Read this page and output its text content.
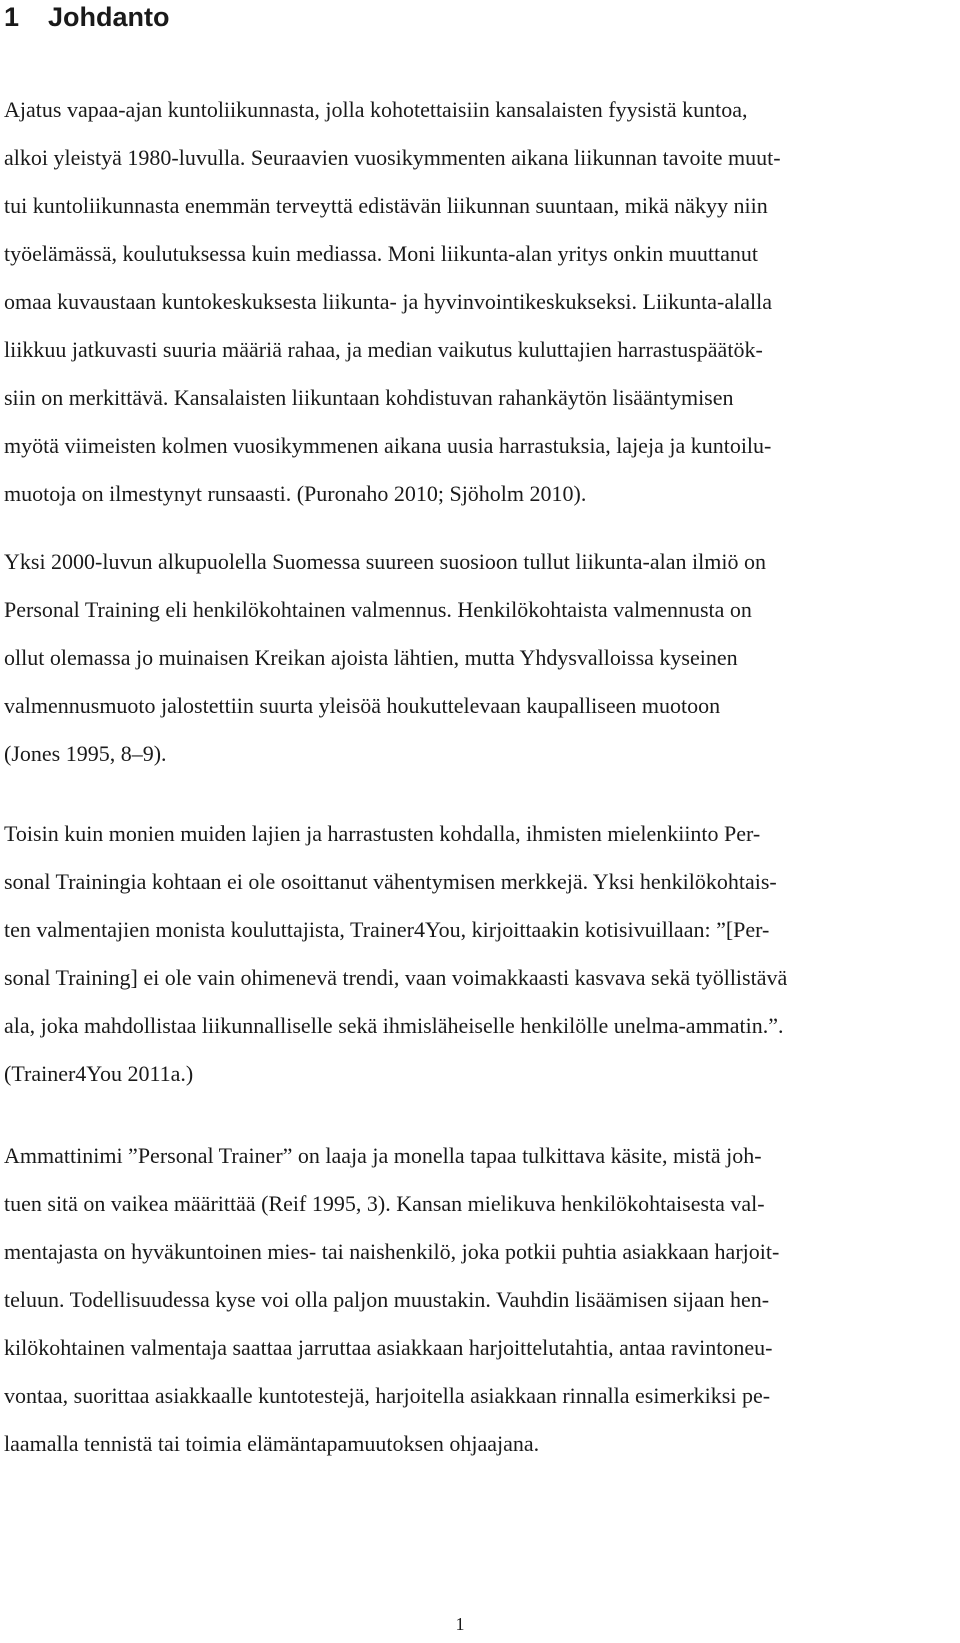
1 Johdanto

Ajatus vapaa-ajan kuntoliikunnasta, jolla kohotettaisiin kansalaisten fyysistä kuntoa,
alkoi yleistyä 1980-luvulla. Seuraavien vuosikymmenten aikana liikunnan tavoite muut-
tui kuntoliikunnasta enemmän terveyttä edistävän liikunnan suuntaan, mikä näkyy niin
työelämässä, koulutuksessa kuin mediassa. Moni liikunta-alan yritys onkin muuttanut
omaa kuvaustaan kuntokeskuksesta liikunta- ja hyvinvointikeskukseksi. Liikunta-alalla
liikkuu jatkuvasti suuria määriä rahaa, ja median vaikutus kuluttajien harrastuspäätök-
siin on merkittävä. Kansalaisten liikuntaan kohdistuvan rahankäytön lisääntymisen
myötä viimeisten kolmen vuosikymmenen aikana uusia harrastuksia, lajeja ja kuntoilu-
muotoja on ilmestynyt runsaasti. (Puronaho 2010; Sjöholm 2010).

Yksi 2000-luvun alkupuolella Suomessa suureen suosioon tullut liikunta-alan ilmiö on
Personal Training eli henkilökohtainen valmennus. Henkilökohtaista valmennusta on
ollut olemassa jo muinaisen Kreikan ajoista lähtien, mutta Yhdysvalloissa kyseinen
valmennusmuoto jalostettiin suurta yleisöä houkuttelevaan kaupalliseen muotoon
(Jones 1995, 8–9).

Toisin kuin monien muiden lajien ja harrastusten kohdalla, ihmisten mielenkiinto Per-
sonal Trainingia kohtaan ei ole osoittanut vähentymisen merkkejä. Yksi henkilökohtais-
ten valmentajien monista kouluttajista, Trainer4You, kirjoittaakin kotisivuillaan: ”[Per-
sonal Training] ei ole vain ohimenevä trendi, vaan voimakkaasti kasvava sekä työllistävä
ala, joka mahdollistaa liikunnalliselle sekä ihmisläheiselle henkilölle unelma-ammatin.”.
(Trainer4You 2011a.)

Ammattinimi ”Personal Trainer” on laaja ja monella tapaa tulkittava käsite, mistä joh-
tuen sitä on vaikea määrittää (Reif 1995, 3). Kansan mielikuva henkilökohtaisesta val-
mentajasta on hyväkuntoinen mies- tai naishenkilö, joka potkii puhtia asiakkaan harjoit-
teluun. Todellisuudessa kyse voi olla paljon muustakin. Vauhdin lisäämisen sijaan hen-
kilökohtainen valmentaja saattaa jarruttaa asiakkaan harjoittelutahtia, antaa ravintoneu-
vontaa, suorittaa asiakkaalle kuntotestejä, harjoitella asiakkaan rinnalla esimerkiksi pe-
laamalla tennistä tai toimia elämäntapamuutoksen ohjaajana.

1
